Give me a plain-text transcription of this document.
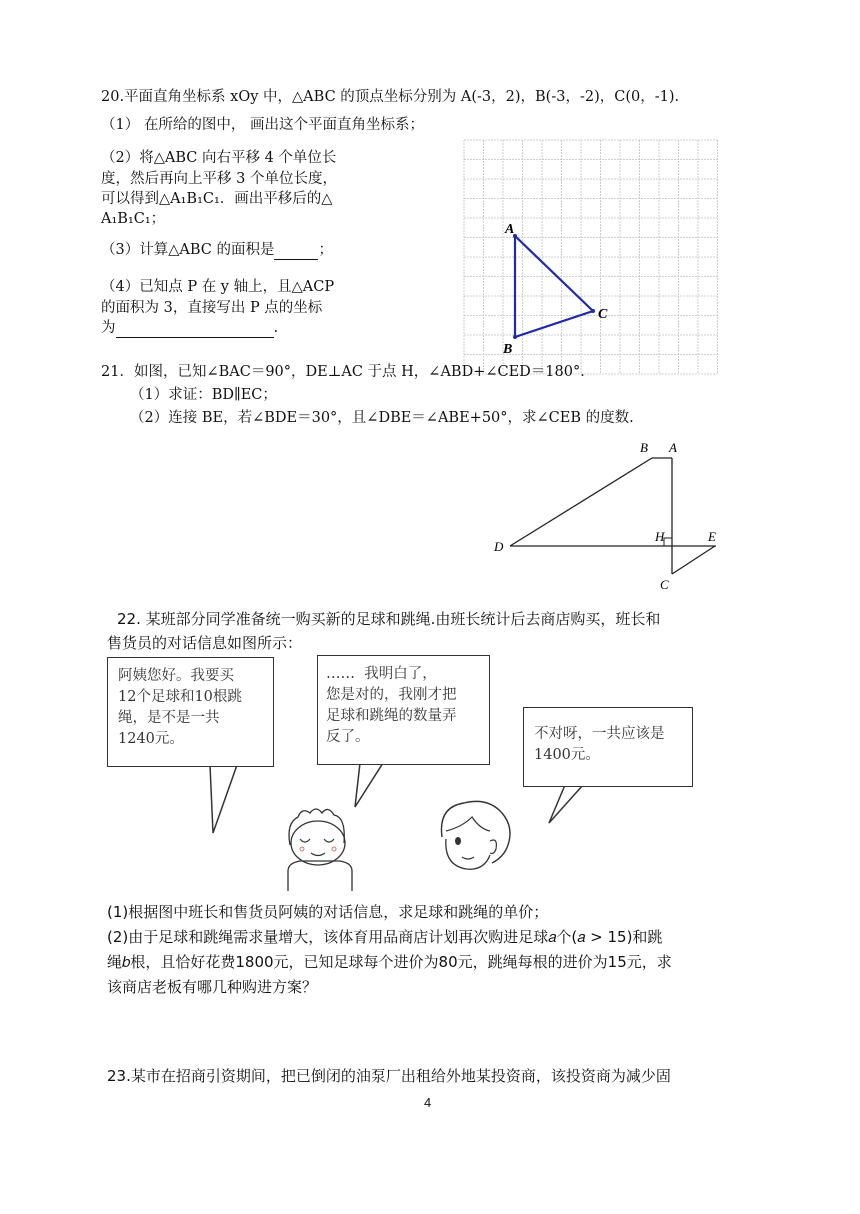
20.平面直角坐标系 xOy 中，△ABC 的顶点坐标分别为 A(-3，2)，B(-3，-2)，C(0，-1).
（1） 在所给的图中， 画出这个平面直角坐标系；
（2）将△ABC 向右平移 4 个单位长
度，然后再向上平移 3 个单位长度，
可以得到△A₁B₁C₁．画出平移后的△
A₁B₁C₁；
（3）计算△ABC 的面积是	；
（4）已知点 P 在 y 轴上，且△ACP
的面积为 3，直接写出 P 点的坐标
为	.
A
B
C
21．如图，已知∠BAC＝90°，DE⊥AC 于点 H，∠ABD+∠CED＝180°．
（1）求证：BD∥EC；
（2）连接 BE，若∠BDE＝30°，且∠DBE＝∠ABE+50°，求∠CEB 的度数.
B A
H	E
D
C
22. 某班部分同学准备统一购买新的足球和跳绳.由班长统计后去商店购买，班长和
售货员的对话信息如图所示：
阿姨您好。我要买
12个足球和10根跳
绳，是不是一共
1240元。
……  我明白了，
您是对的，我刚才把
足球和跳绳的数量弄
反了。	不对呀，一共应该是
1400元。
(1)根据图中班长和售货员阿姨的对话信息，求足球和跳绳的单价；
(2)由于足球和跳绳需求量增大，该体育用品商店计划再次购进足球𝑎个(𝑎 > 15)和跳
绳𝑏根，且恰好花费1800元，已知足球每个进价为80元，跳绳每根的进价为15元，求
该商店老板有哪几种购进方案？
23.某市在招商引资期间，把已倒闭的油泵厂出租给外地某投资商，该投资商为减少固
4
